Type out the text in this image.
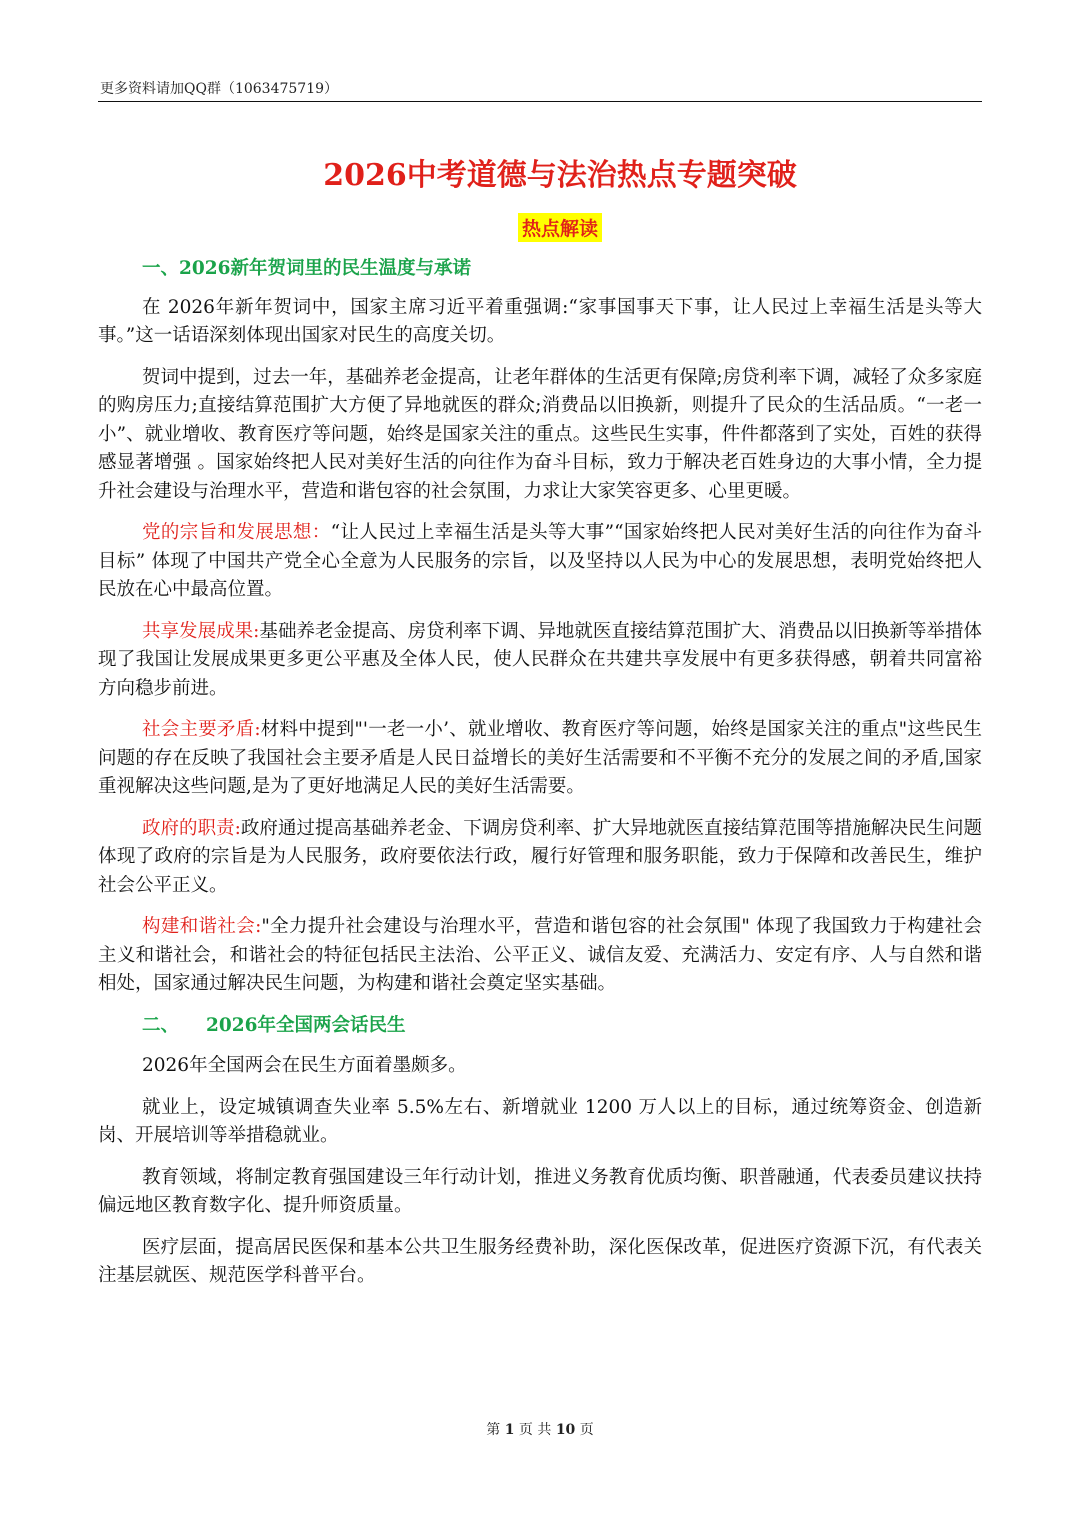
更多资料请加QQ群（1063475719）
2026中考道德与法治热点专题突破
热点解读
一、2026新年贺词里的民生温度与承诺
在 2026年新年贺词中，国家主席习近平着重强调:“家事国事天下事，让人民过上幸福生活是头等大事。”这一话语深刻体现出国家对民生的高度关切。
贺词中提到，过去一年，基础养老金提高，让老年群体的生活更有保障;房贷利率下调，减轻了众多家庭的购房压力;直接结算范围扩大方便了异地就医的群众;消费品以旧换新，则提升了民众的生活品质。“一老一小”、就业增收、教育医疗等问题，始终是国家关注的重点。这些民生实事，件件都落到了实处，百姓的获得感显著增强 。国家始终把人民对美好生活的向往作为奋斗目标，致力于解决老百姓身边的大事小情，全力提升社会建设与治理水平，营造和谐包容的社会氛围，力求让大家笑容更多、心里更暖。
党的宗旨和发展思想：“让人民过上幸福生活是头等大事”“国家始终把人民对美好生活的向往作为奋斗目标” 体现了中国共产党全心全意为人民服务的宗旨，以及坚持以人民为中心的发展思想，表明党始终把人民放在心中最高位置。
共享发展成果:基础养老金提高、房贷利率下调、异地就医直接结算范围扩大、消费品以旧换新等举措体现了我国让发展成果更多更公平惠及全体人民，使人民群众在共建共享发展中有更多获得感，朝着共同富裕方向稳步前进。
社会主要矛盾:材料中提到"'一老一小’、就业增收、教育医疗等问题，始终是国家关注的重点"这些民生问题的存在反映了我国社会主要矛盾是人民日益增长的美好生活需要和不平衡不充分的发展之间的矛盾,国家重视解决这些问题,是为了更好地满足人民的美好生活需要。
政府的职责:政府通过提高基础养老金、下调房贷利率、扩大异地就医直接结算范围等措施解决民生问题体现了政府的宗旨是为人民服务，政府要依法行政，履行好管理和服务职能，致力于保障和改善民生，维护社会公平正义。
构建和谐社会:"全力提升社会建设与治理水平，营造和谐包容的社会氛围" 体现了我国致力于构建社会主义和谐社会，和谐社会的特征包括民主法治、公平正义、诚信友爱、充满活力、安定有序、人与自然和谐相处，国家通过解决民生问题，为构建和谐社会奠定坚实基础。
二、 2026年全国两会话民生
2026年全国两会在民生方面着墨颇多。
就业上，设定城镇调查失业率 5.5%左右、新增就业 1200 万人以上的目标，通过统筹资金、创造新岗、开展培训等举措稳就业。
教育领域，将制定教育强国建设三年行动计划，推进义务教育优质均衡、职普融通，代表委员建议扶持偏远地区教育数字化、提升师资质量。
医疗层面，提高居民医保和基本公共卫生服务经费补助，深化医保改革，促进医疗资源下沉，有代表关注基层就医、规范医学科普平台。
第 1 页 共 10 页
